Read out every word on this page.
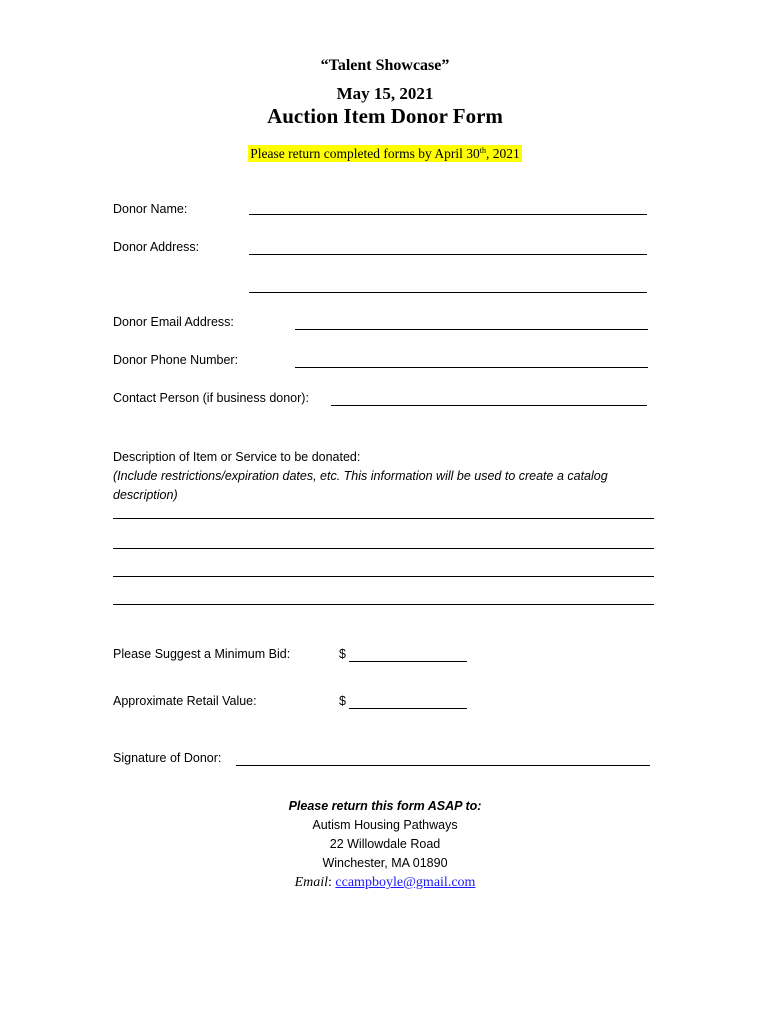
“Talent Showcase”
May 15, 2021
Auction Item Donor Form
Please return completed forms by April 30th, 2021
Donor Name:
Donor Address:
Donor Email Address:
Donor Phone Number:
Contact Person (if business donor):
Description of Item or Service to be donated:
(Include restrictions/expiration dates, etc. This information will be used to create a catalog description)
Please Suggest a Minimum Bid:	$
Approximate Retail Value:	$
Signature of Donor:
Please return this form ASAP to:
Autism Housing Pathways
22 Willowdale Road
Winchester, MA 01890
Email: ccampboyle@gmail.com
